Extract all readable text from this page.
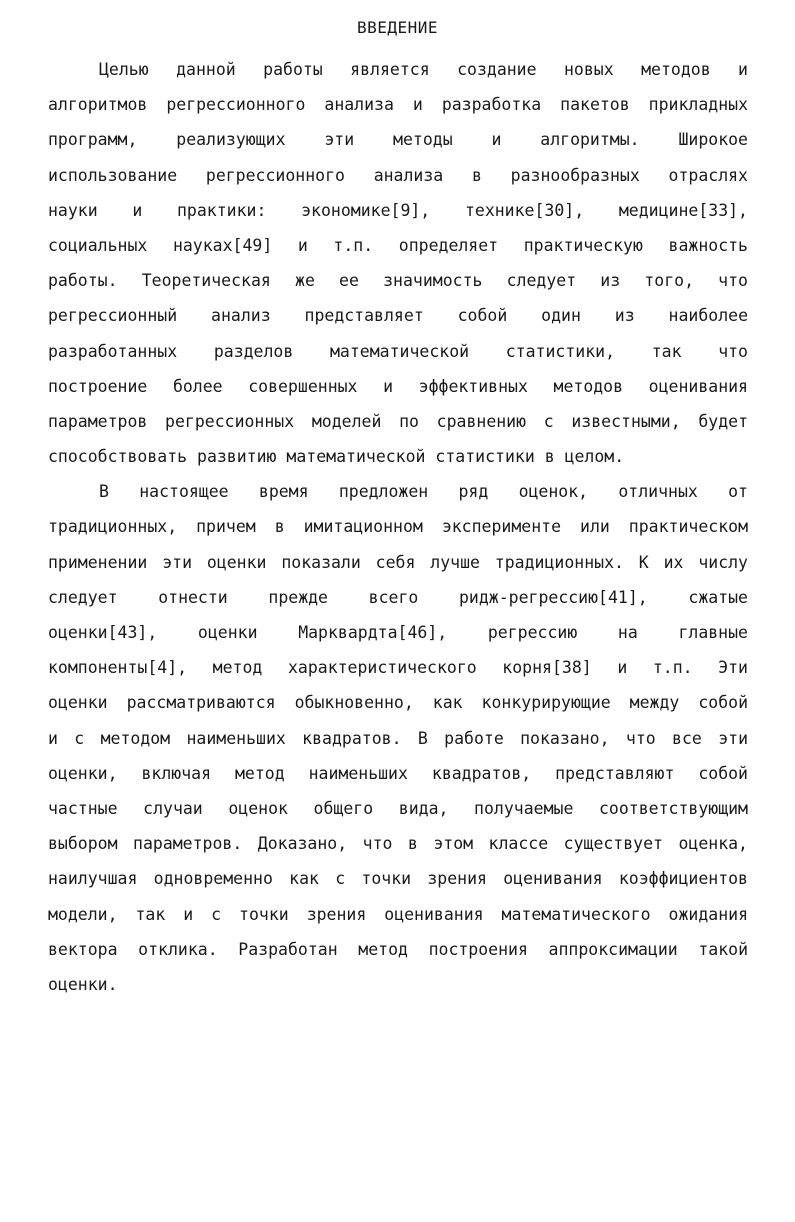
ВВЕДЕНИЕ
Целью данной работы является создание новых методов и
алгоритмов регрессионного анализа и разработка пакетов прикладных
программ, реализующих эти методы и алгоритмы. Широкое
использование регрессионного анализа в разнообразных отраслях
науки и практики: экономике[9], технике[30], медицине[33],
социальных науках[49] и т.п. определяет практическую важность
работы. Теоретическая же ее значимость следует из того, что
регрессионный анализ представляет собой один из наиболее
разработанных разделов математической статистики, так что
построение более совершенных и эффективных методов оценивания
параметров регрессионных моделей по сравнению с известными, будет
способствовать развитию математической статистики в целом.
В настоящее время предложен ряд оценок, отличных от
традиционных, причем в имитационном эксперименте или практическом
применении эти оценки показали себя лучше традиционных. К их числу
следует отнести прежде всего ридж-регрессию[41], сжатые
оценки[43], оценки Марквардта[46], регрессию на главные
компоненты[4], метод характеристического корня[38] и т.п. Эти
оценки рассматриваются обыкновенно, как конкурирующие между собой
и с методом наименьших квадратов. В работе показано, что все эти
оценки, включая метод наименьших квадратов, представляют собой
частные случаи оценок общего вида, получаемые соответствующим
выбором параметров. Доказано, что в этом классе существует оценка,
наилучшая одновременно как с точки зрения оценивания коэффициентов
модели, так и с точки зрения оценивания математического ожидания
вектора отклика. Разработан метод построения аппроксимации такой
оценки.
